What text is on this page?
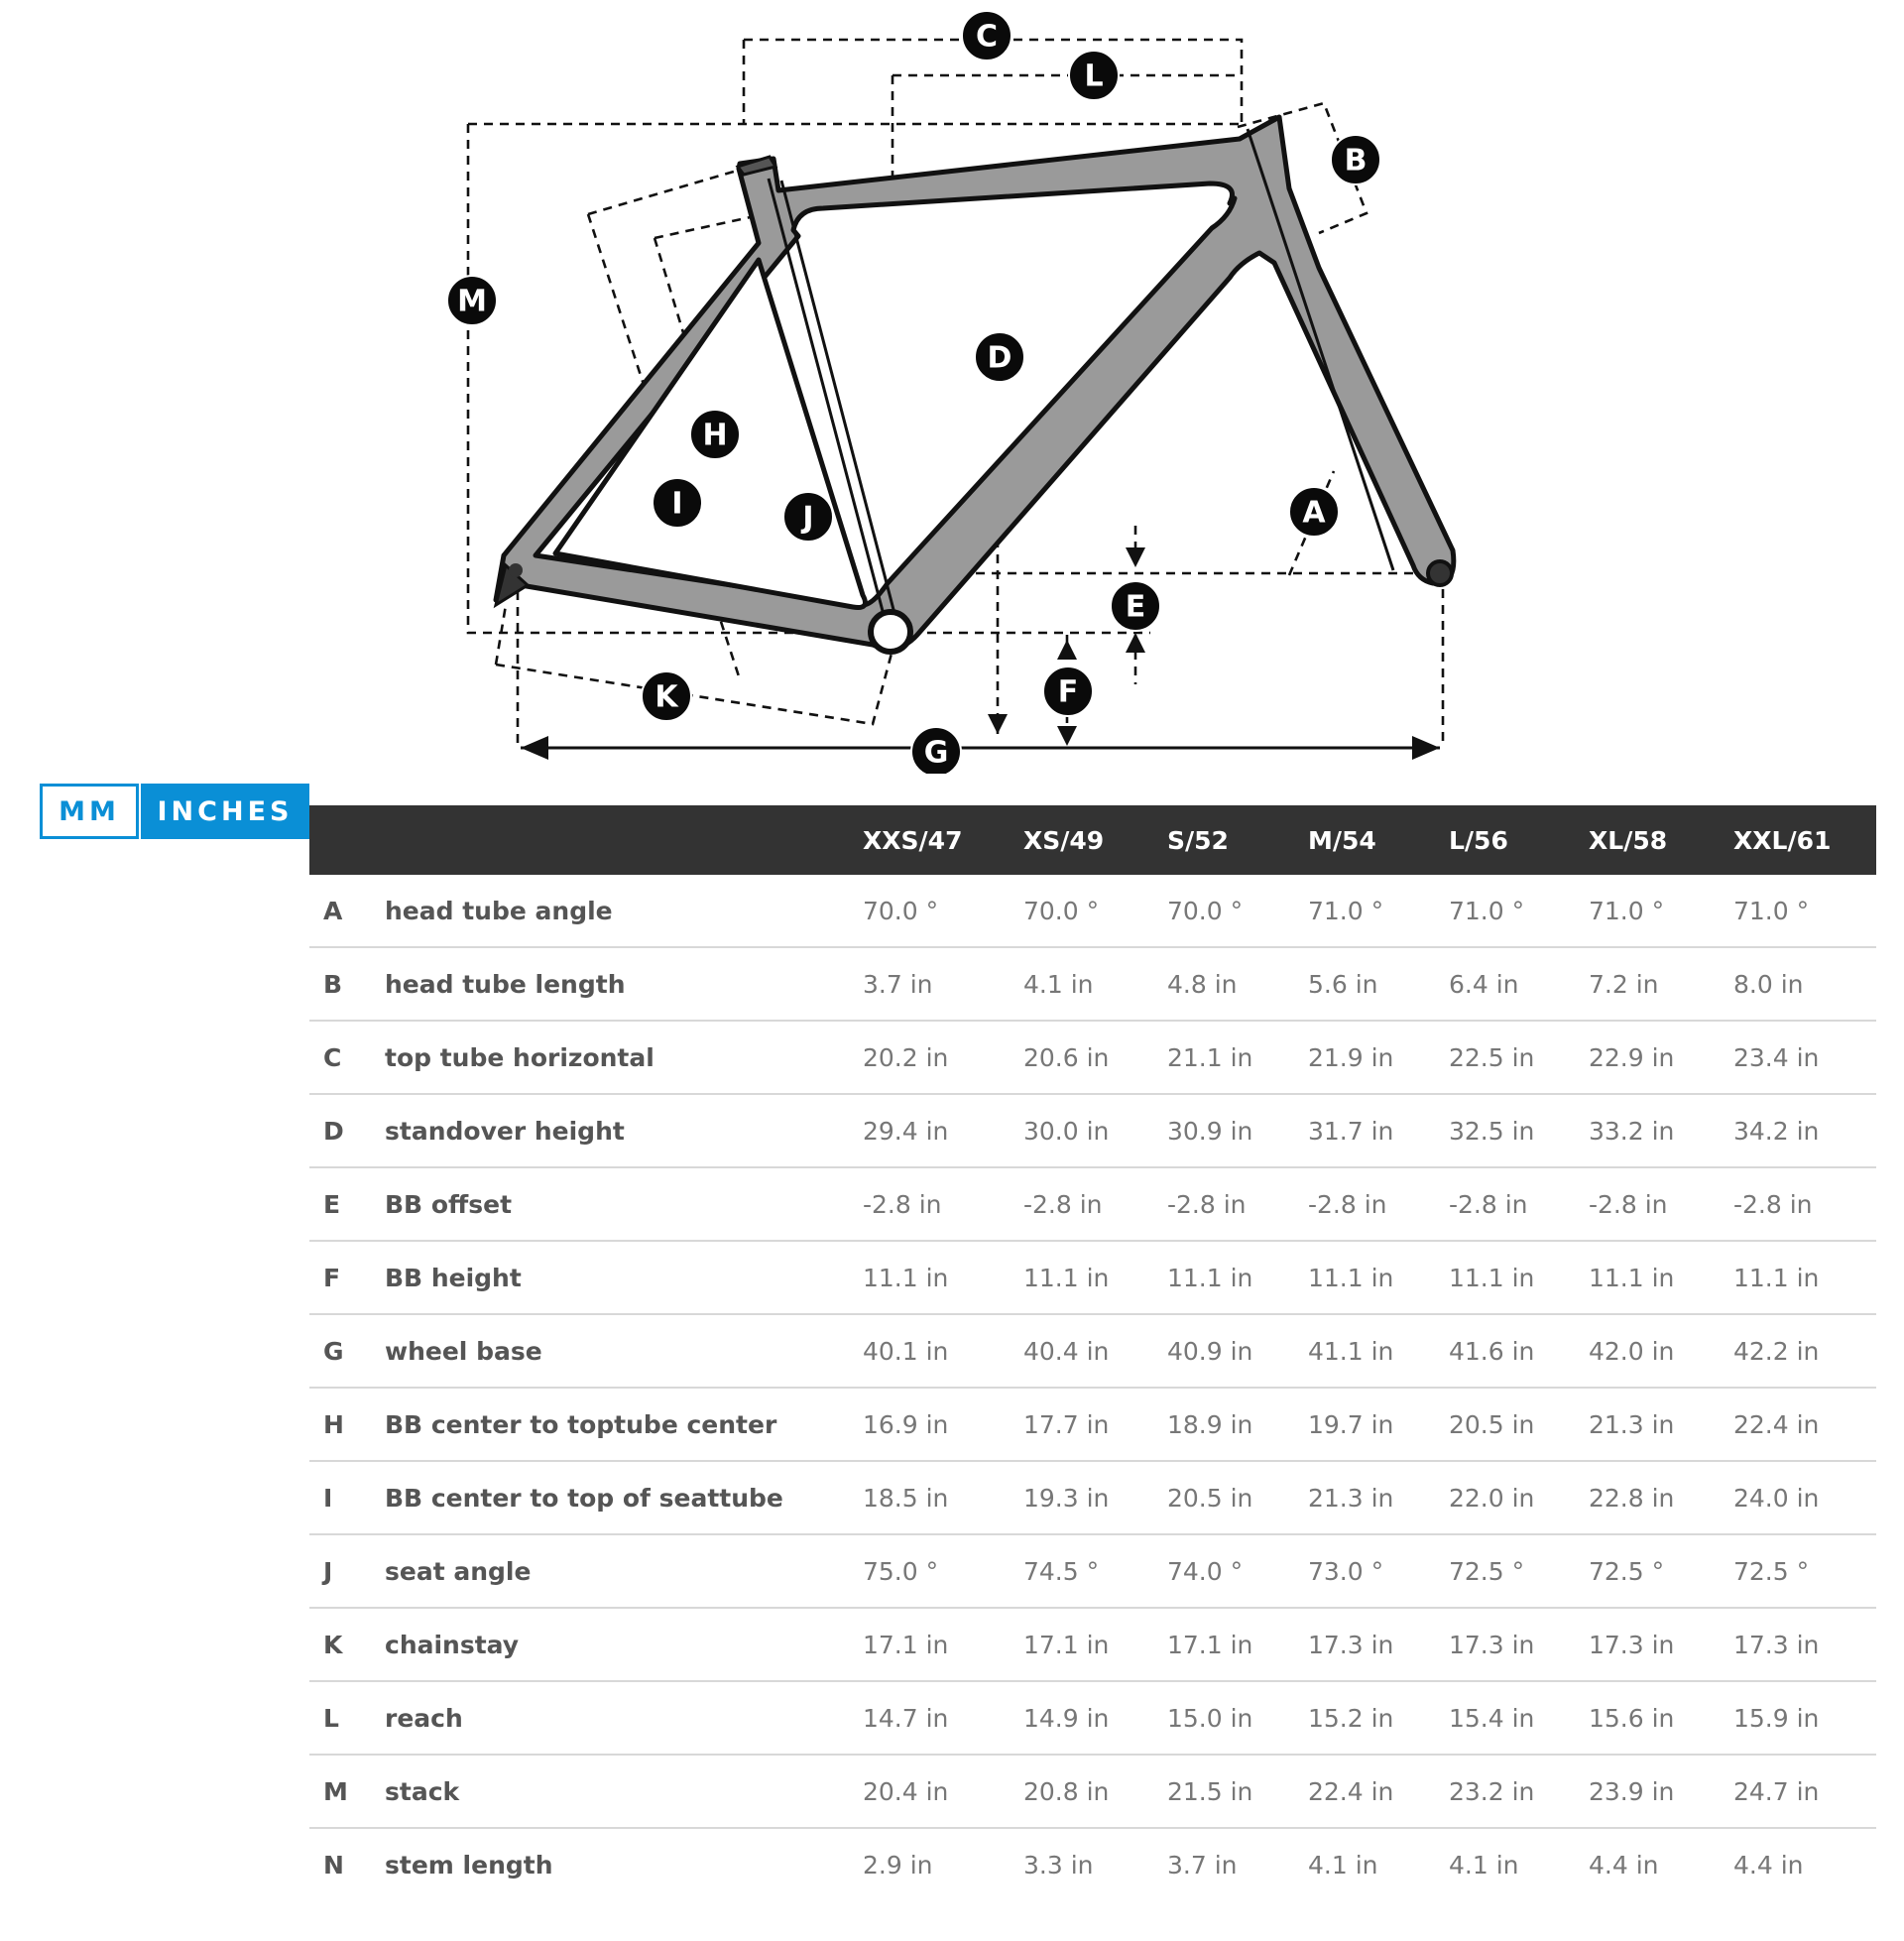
C
L
B
M
D
H
I	J	A
E
F
K
G
MM	INCHES
		XXS/47	XS/49	S/52	M/54	L/56	XL/58	XXL/61
A	head tube angle	70.0 °	70.0 °	70.0 °	71.0 °	71.0 °	71.0 °	71.0 °
B	head tube length	3.7 in	4.1 in	4.8 in	5.6 in	6.4 in	7.2 in	8.0 in
C	top tube horizontal	20.2 in	20.6 in	21.1 in	21.9 in	22.5 in	22.9 in	23.4 in
D	standover height	29.4 in	30.0 in	30.9 in	31.7 in	32.5 in	33.2 in	34.2 in
E	BB offset	-2.8 in	-2.8 in	-2.8 in	-2.8 in	-2.8 in	-2.8 in	-2.8 in
F	BB height	11.1 in	11.1 in	11.1 in	11.1 in	11.1 in	11.1 in	11.1 in
G	wheel base	40.1 in	40.4 in	40.9 in	41.1 in	41.6 in	42.0 in	42.2 in
H	BB center to toptube center	16.9 in	17.7 in	18.9 in	19.7 in	20.5 in	21.3 in	22.4 in
I	BB center to top of seattube	18.5 in	19.3 in	20.5 in	21.3 in	22.0 in	22.8 in	24.0 in
J	seat angle	75.0 °	74.5 °	74.0 °	73.0 °	72.5 °	72.5 °	72.5 °
K	chainstay	17.1 in	17.1 in	17.1 in	17.3 in	17.3 in	17.3 in	17.3 in
L	reach	14.7 in	14.9 in	15.0 in	15.2 in	15.4 in	15.6 in	15.9 in
M	stack	20.4 in	20.8 in	21.5 in	22.4 in	23.2 in	23.9 in	24.7 in
N	stem length	2.9 in	3.3 in	3.7 in	4.1 in	4.1 in	4.4 in	4.4 in
